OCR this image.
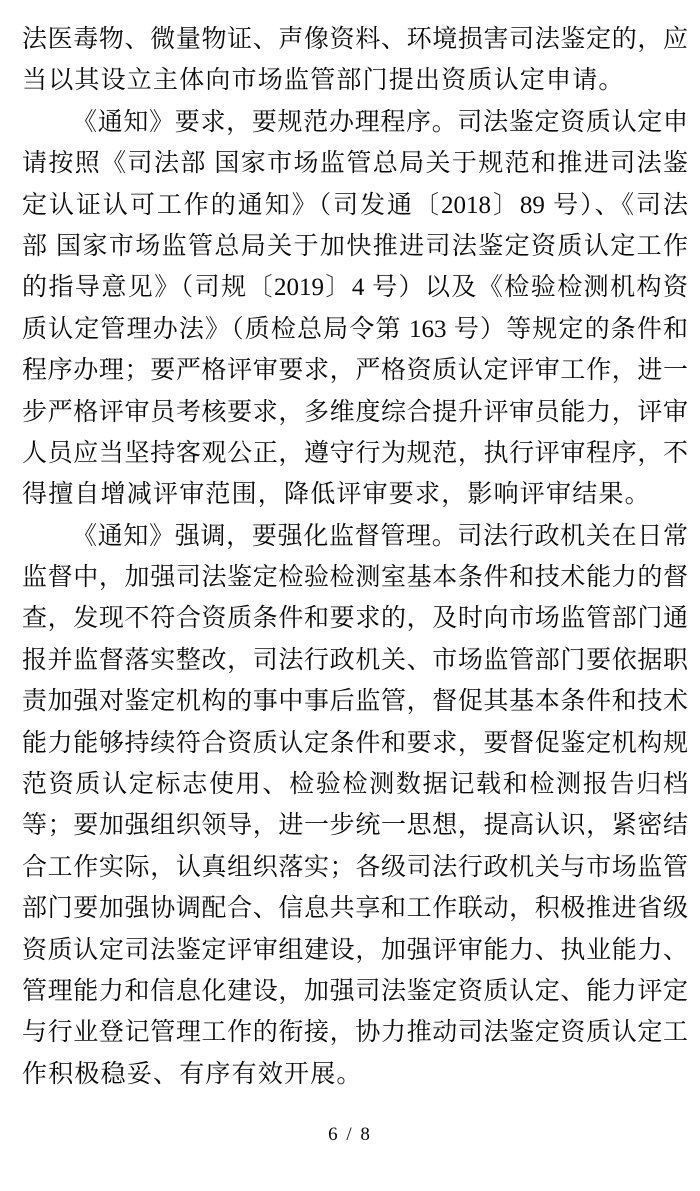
法医毒物、微量物证、声像资料、环境损害司法鉴定的，应
当以其设立主体向市场监管部门提出资质认定申请。
《通知》要求，要规范办理程序。司法鉴定资质认定申
请按照《司法部 国家市场监管总局关于规范和推进司法鉴
定认证认可工作的通知》（司发通〔2018〕89 号）、《司法
部 国家市场监管总局关于加快推进司法鉴定资质认定工作
的指导意见》（司规〔2019〕4 号）以及《检验检测机构资
质认定管理办法》（质检总局令第 163 号）等规定的条件和
程序办理；要严格评审要求，严格资质认定评审工作，进一
步严格评审员考核要求，多维度综合提升评审员能力，评审
人员应当坚持客观公正，遵守行为规范，执行评审程序，不
得擅自增减评审范围，降低评审要求，影响评审结果。
《通知》强调，要强化监督管理。司法行政机关在日常
监督中，加强司法鉴定检验检测室基本条件和技术能力的督
查，发现不符合资质条件和要求的，及时向市场监管部门通
报并监督落实整改，司法行政机关、市场监管部门要依据职
责加强对鉴定机构的事中事后监管，督促其基本条件和技术
能力能够持续符合资质认定条件和要求，要督促鉴定机构规
范资质认定标志使用、检验检测数据记载和检测报告归档
等；要加强组织领导，进一步统一思想，提高认识，紧密结
合工作实际，认真组织落实；各级司法行政机关与市场监管
部门要加强协调配合、信息共享和工作联动，积极推进省级
资质认定司法鉴定评审组建设，加强评审能力、执业能力、
管理能力和信息化建设，加强司法鉴定资质认定、能力评定
与行业登记管理工作的衔接，协力推动司法鉴定资质认定工
作积极稳妥、有序有效开展。
6 / 8
